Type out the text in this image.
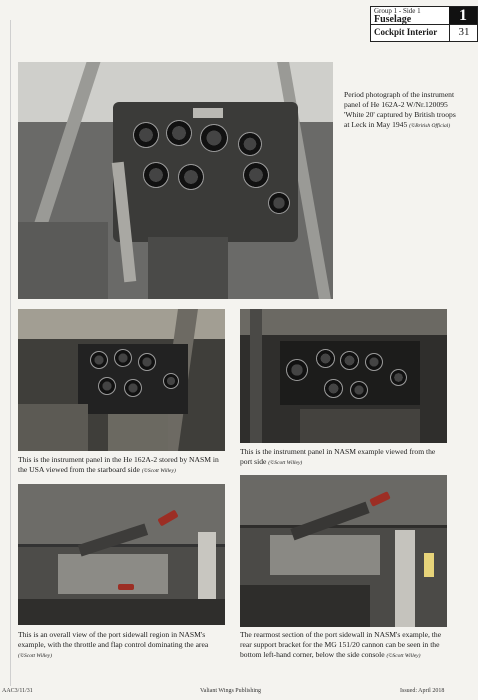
Group 1 - Side 1
Fuselage	1
Cockpit Interior	31
Period photograph of the instrument panel of He 162A-2 W/Nr.120095 'White 20' captured by British troops at Leck in May 1945 (©British Official)
This is the instrument panel in the He 162A-2 stored by NASM in the USA viewed from the starboard side (©Scott Willey)
This is the instrument panel in NASM example viewed from the port side (©Scott Willey)
This is an overall view of the port sidewall region in NASM's example, with the throttle and flap control dominating the area (©Scott Willey)
The rearmost section of the port sidewall in NASM's example, the rear support bracket for the MG 151/20 cannon can be seen in the bottom left-hand corner, below the side console (©Scott Willey)
AAC3/11/31	Valiant Wings Publishing	Issued: April 2018
